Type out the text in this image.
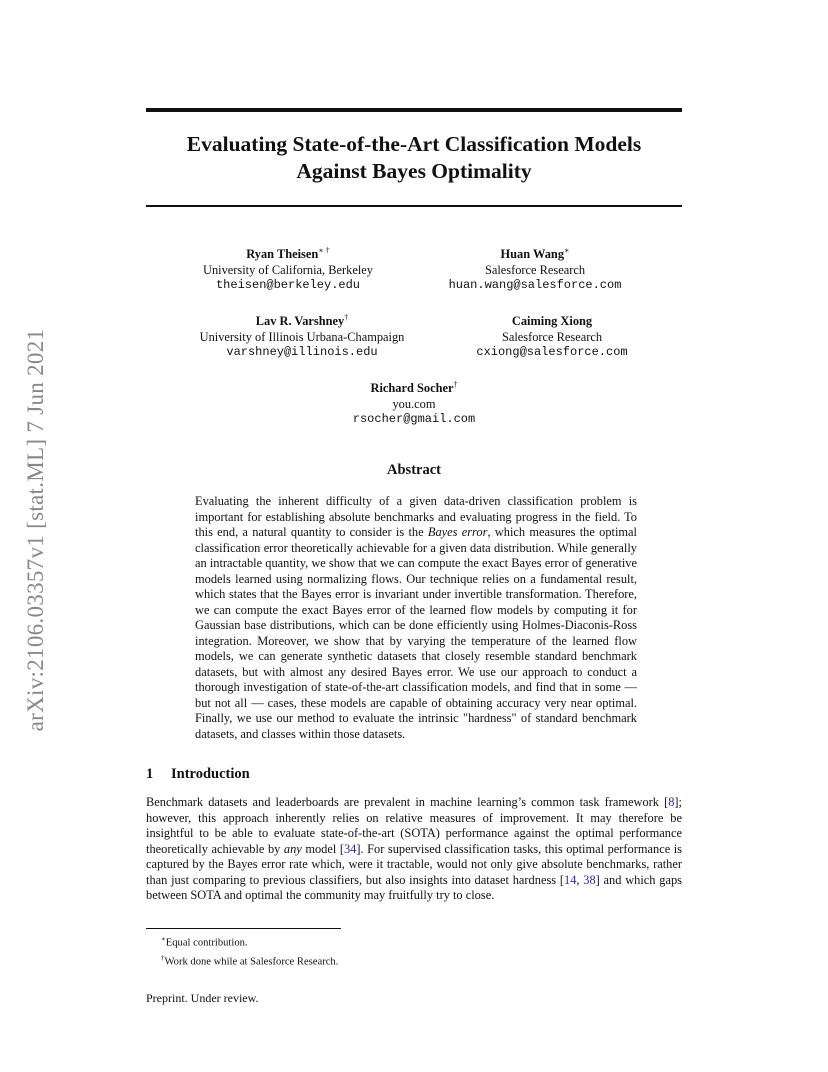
arXiv:2106.03357v1 [stat.ML] 7 Jun 2021
Evaluating State-of-the-Art Classification Models
Against Bayes Optimality
Ryan Theisen∗ †
University of California, Berkeley
theisen@berkeley.edu
Huan Wang∗
Salesforce Research
huan.wang@salesforce.com
Lav R. Varshney†
University of Illinois Urbana-Champaign
varshney@illinois.edu
Caiming Xiong
Salesforce Research
cxiong@salesforce.com
Richard Socher†
you.com
rsocher@gmail.com
Abstract
Evaluating the inherent difficulty of a given data-driven classification problem is important for establishing absolute benchmarks and evaluating progress in the field. To this end, a natural quantity to consider is the Bayes error, which measures the optimal classification error theoretically achievable for a given data distribution. While generally an intractable quantity, we show that we can compute the exact Bayes error of generative models learned using normalizing flows. Our technique relies on a fundamental result, which states that the Bayes error is invariant under invertible transformation. Therefore, we can compute the exact Bayes error of the learned flow models by computing it for Gaussian base distributions, which can be done efficiently using Holmes-Diaconis-Ross integration. Moreover, we show that by varying the temperature of the learned flow models, we can generate synthetic datasets that closely resemble standard benchmark datasets, but with almost any desired Bayes error. We use our approach to conduct a thorough investigation of state-of-the-art classification models, and find that in some — but not all — cases, these models are capable of obtaining accuracy very near optimal. Finally, we use our method to evaluate the intrinsic "hardness" of standard benchmark datasets, and classes within those datasets.
1 Introduction
Benchmark datasets and leaderboards are prevalent in machine learning’s common task framework [8]; however, this approach inherently relies on relative measures of improvement. It may therefore be insightful to be able to evaluate state-of-the-art (SOTA) performance against the optimal performance theoretically achievable by any model [34]. For supervised classification tasks, this optimal performance is captured by the Bayes error rate which, were it tractable, would not only give absolute benchmarks, rather than just comparing to previous classifiers, but also insights into dataset hardness [14, 38] and which gaps between SOTA and optimal the community may fruitfully try to close.
∗Equal contribution.
†Work done while at Salesforce Research.
Preprint. Under review.
